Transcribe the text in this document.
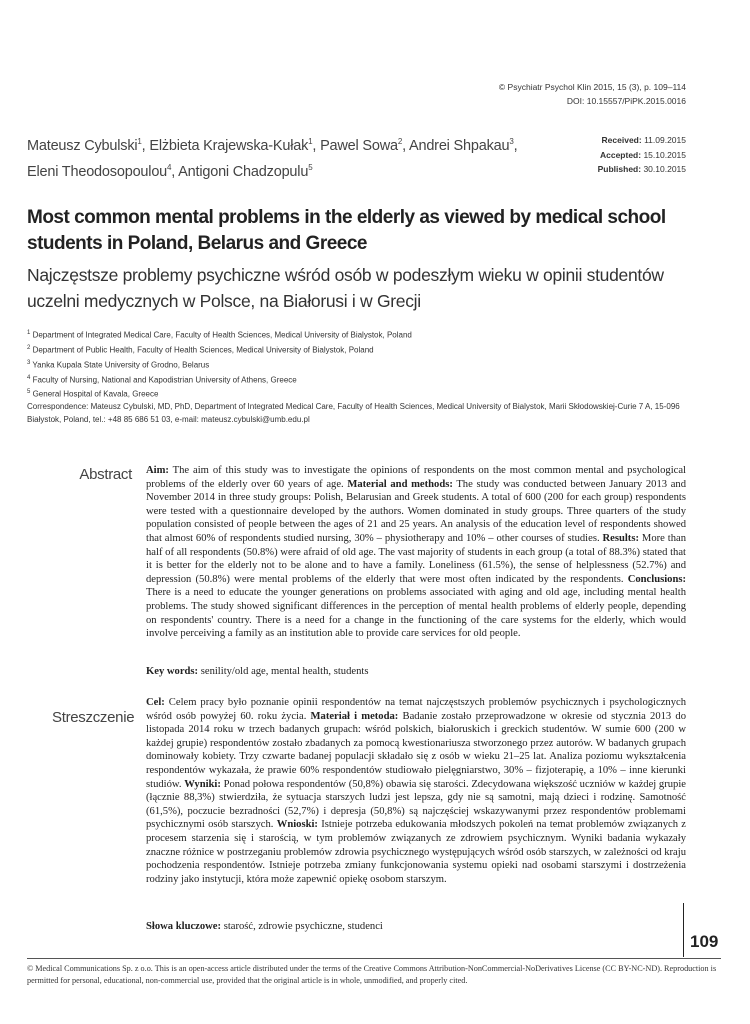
© Psychiatr Psychol Klin 2015, 15 (3), p. 109–114
DOI: 10.15557/PiPK.2015.0016
Mateusz Cybulski$^1$, Elżbieta Krajewska-Kułak$^1$, Pawel Sowa$^2$, Andrei Shpakau$^3$,
Eleni Theodosopoulou$^4$, Antigoni Chadzopulu$^5$
Received: 11.09.2015
Accepted: 15.10.2015
Published: 30.10.2015
Most common mental problems in the elderly as viewed by medical school students in Poland, Belarus and Greece
Najczęstsze problemy psychiczne wśród osób w podeszłym wieku w opinii studentów uczelni medycznych w Polsce, na Białorusi i w Grecji
$^1$ Department of Integrated Medical Care, Faculty of Health Sciences, Medical University of Bialystok, Poland
$^2$ Department of Public Health, Faculty of Health Sciences, Medical University of Bialystok, Poland
$^3$ Yanka Kupala State University of Grodno, Belarus
$^4$ Faculty of Nursing, National and Kapodistrian University of Athens, Greece
$^5$ General Hospital of Kavala, Greece
Correspondence: Mateusz Cybulski, MD, PhD, Department of Integrated Medical Care, Faculty of Health Sciences, Medical University of Bialystok, Marii Skłodowskiej-Curie 7 A, 15-096 Białystok, Poland, tel.: +48 85 686 51 03, e-mail: mateusz.cybulski@umb.edu.pl
Abstract Aim: The aim of this study was to investigate the opinions of respondents on the most common mental and psychological problems of the elderly over 60 years of age. Material and methods: The study was conducted between January 2013 and November 2014 in three study groups: Polish, Belarusian and Greek students. A total of 600 (200 for each group) respondents were tested with a questionnaire developed by the authors. Women dominated in study groups. Three quarters of the study population consisted of people between the ages of 21 and 25 years. An analysis of the education level of respondents showed that almost 60% of respondents studied nursing, 30% – physiotherapy and 10% – other courses of studies. Results: More than half of all respondents (50.8%) were afraid of old age. The vast majority of students in each group (a total of 88.3%) stated that it is better for the elderly not to be alone and to have a family. Loneliness (61.5%), the sense of helplessness (52.7%) and depression (50.8%) were mental problems of the elderly that were most often indicated by the respondents. Conclusions: There is a need to educate the younger generations on problems associated with aging and old age, including mental health problems. The study showed significant differences in the perception of mental health problems of elderly people, depending on respondents' country. There is a need for a change in the functioning of the care systems for the elderly, which would involve perceiving a family as an institution able to provide care services for old people.
Key words: senility/old age, mental health, students
Streszczenie
Cel: Celem pracy było poznanie opinii respondentów na temat najczęstszych problemów psychicznych i psychologicznych wśród osób powyżej 60. roku życia. Materiał i metoda: Badanie zostało przeprowadzone w okresie od stycznia 2013 do listopada 2014 roku w trzech badanych grupach: wśród polskich, białoruskich i greckich studentów. W sumie 600 (200 w każdej grupie) respondentów zostało zbadanych za pomocą kwestionariusza stworzonego przez autorów. W badanych grupach dominowały kobiety. Trzy czwarte badanej populacji składało się z osób w wieku 21–25 lat. Analiza poziomu wykształcenia respondentów wykazała, że prawie 60% respondentów studiowało pielęgniarstwo, 30% – fizjoterapię, a 10% – inne kierunki studiów. Wyniki: Ponad połowa respondentów (50,8%) obawia się starości. Zdecydowana większość uczniów w każdej grupie (łącznie 88,3%) stwierdziła, że sytuacja starszych ludzi jest lepsza, gdy nie są samotni, mają dzieci i rodzinę. Samotność (61,5%), poczucie bezradności (52,7%) i depresja (50,8%) są najczęściej wskazywanymi przez respondentów problemami psychicznymi osób starszych. Wnioski: Istnieje potrzeba edukowania młodszych pokoleń na temat problemów związanych z procesem starzenia się i starością, w tym problemów związanych ze zdrowiem psychicznym. Wyniki badania wykazały znaczne różnice w postrzeganiu problemów zdrowia psychicznego występujących wśród osób starszych, w zależności od kraju pochodzenia respondentów. Istnieje potrzeba zmiany funkcjonowania systemu opieki nad osobami starszymi i dostrzeżenia rodziny jako instytucji, która może zapewnić opiekę osobom starszym.
Słowa kluczowe: starość, zdrowie psychiczne, studenci
109
© Medical Communications Sp. z o.o. This is an open-access article distributed under the terms of the Creative Commons Attribution-NonCommercial-NoDerivatives License (CC BY-NC-ND). Reproduction is permitted for personal, educational, non-commercial use, provided that the original article is in whole, unmodified, and properly cited.
